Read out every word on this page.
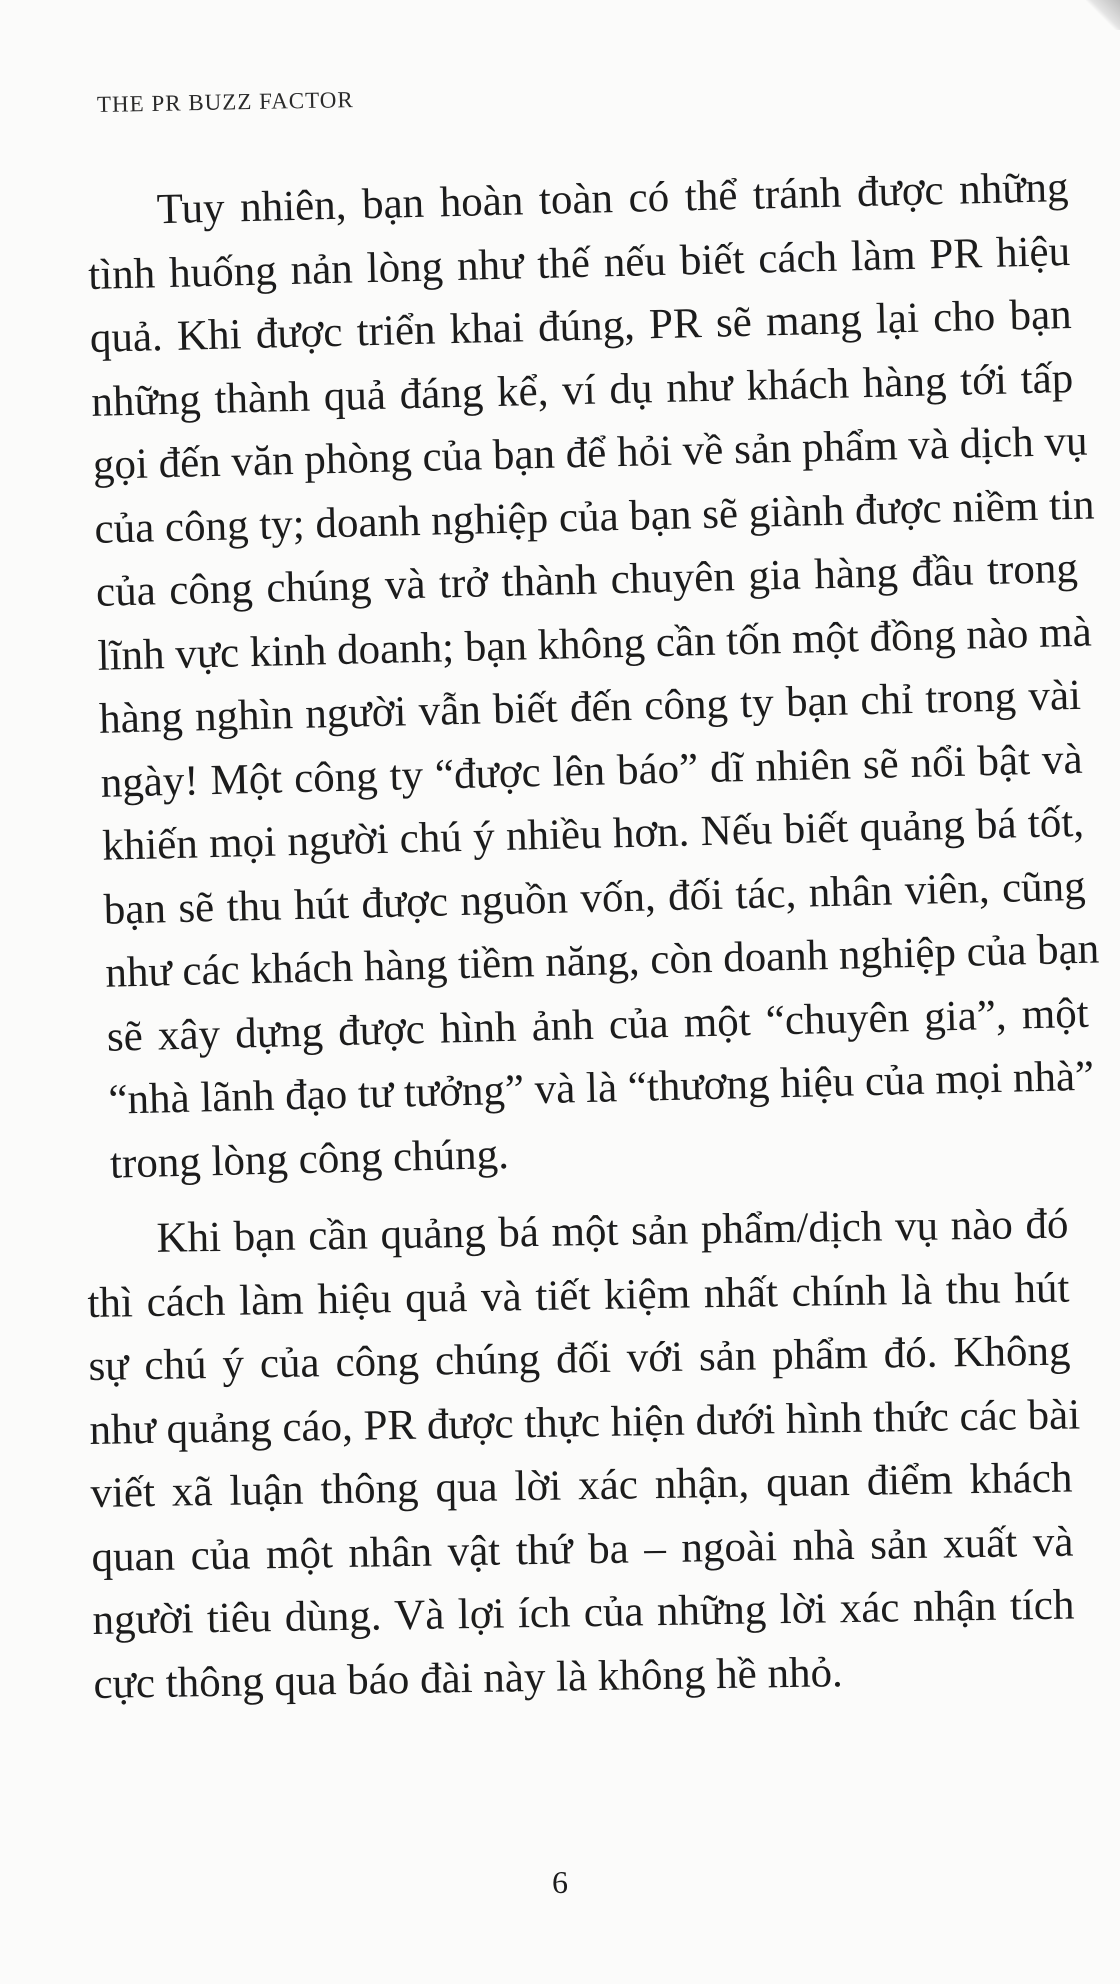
THE PR BUZZ FACTOR
Tuy nhiên, bạn hoàn toàn có thể tránh được những
tình huống nản lòng như thế nếu biết cách làm PR hiệu
quả. Khi được triển khai đúng, PR sẽ mang lại cho bạn
những thành quả đáng kể, ví dụ như khách hàng tới tấp
gọi đến văn phòng của bạn để hỏi về sản phẩm và dịch vụ
của công ty; doanh nghiệp của bạn sẽ giành được niềm tin
của công chúng và trở thành chuyên gia hàng đầu trong
lĩnh vực kinh doanh; bạn không cần tốn một đồng nào mà
hàng nghìn người vẫn biết đến công ty bạn chỉ trong vài
ngày! Một công ty “được lên báo” dĩ nhiên sẽ nổi bật và
khiến mọi người chú ý nhiều hơn. Nếu biết quảng bá tốt,
bạn sẽ thu hút được nguồn vốn, đối tác, nhân viên, cũng
như các khách hàng tiềm năng, còn doanh nghiệp của bạn
sẽ xây dựng được hình ảnh của một “chuyên gia”, một
“nhà lãnh đạo tư tưởng” và là “thương hiệu của mọi nhà”
trong lòng công chúng.
Khi bạn cần quảng bá một sản phẩm/dịch vụ nào đó
thì cách làm hiệu quả và tiết kiệm nhất chính là thu hút
sự chú ý của công chúng đối với sản phẩm đó. Không
như quảng cáo, PR được thực hiện dưới hình thức các bài
viết xã luận thông qua lời xác nhận, quan điểm khách
quan của một nhân vật thứ ba – ngoài nhà sản xuất và
người tiêu dùng. Và lợi ích của những lời xác nhận tích
cực thông qua báo đài này là không hề nhỏ.
6
